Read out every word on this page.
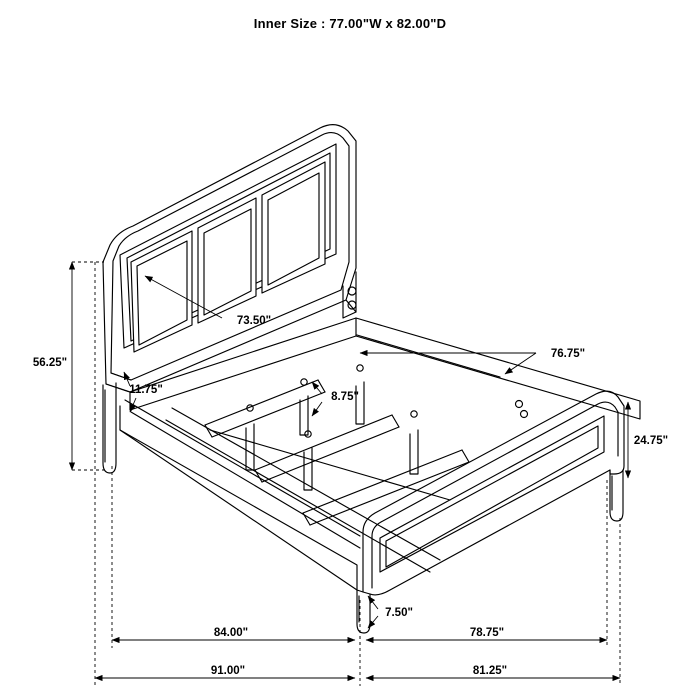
Inner Size : 77.00"W x 82.00"D
56.25"
73.50"
11.75"
8.75"
76.75"
24.75"
7.50"
84.00"	78.75"
91.00"	81.25"
